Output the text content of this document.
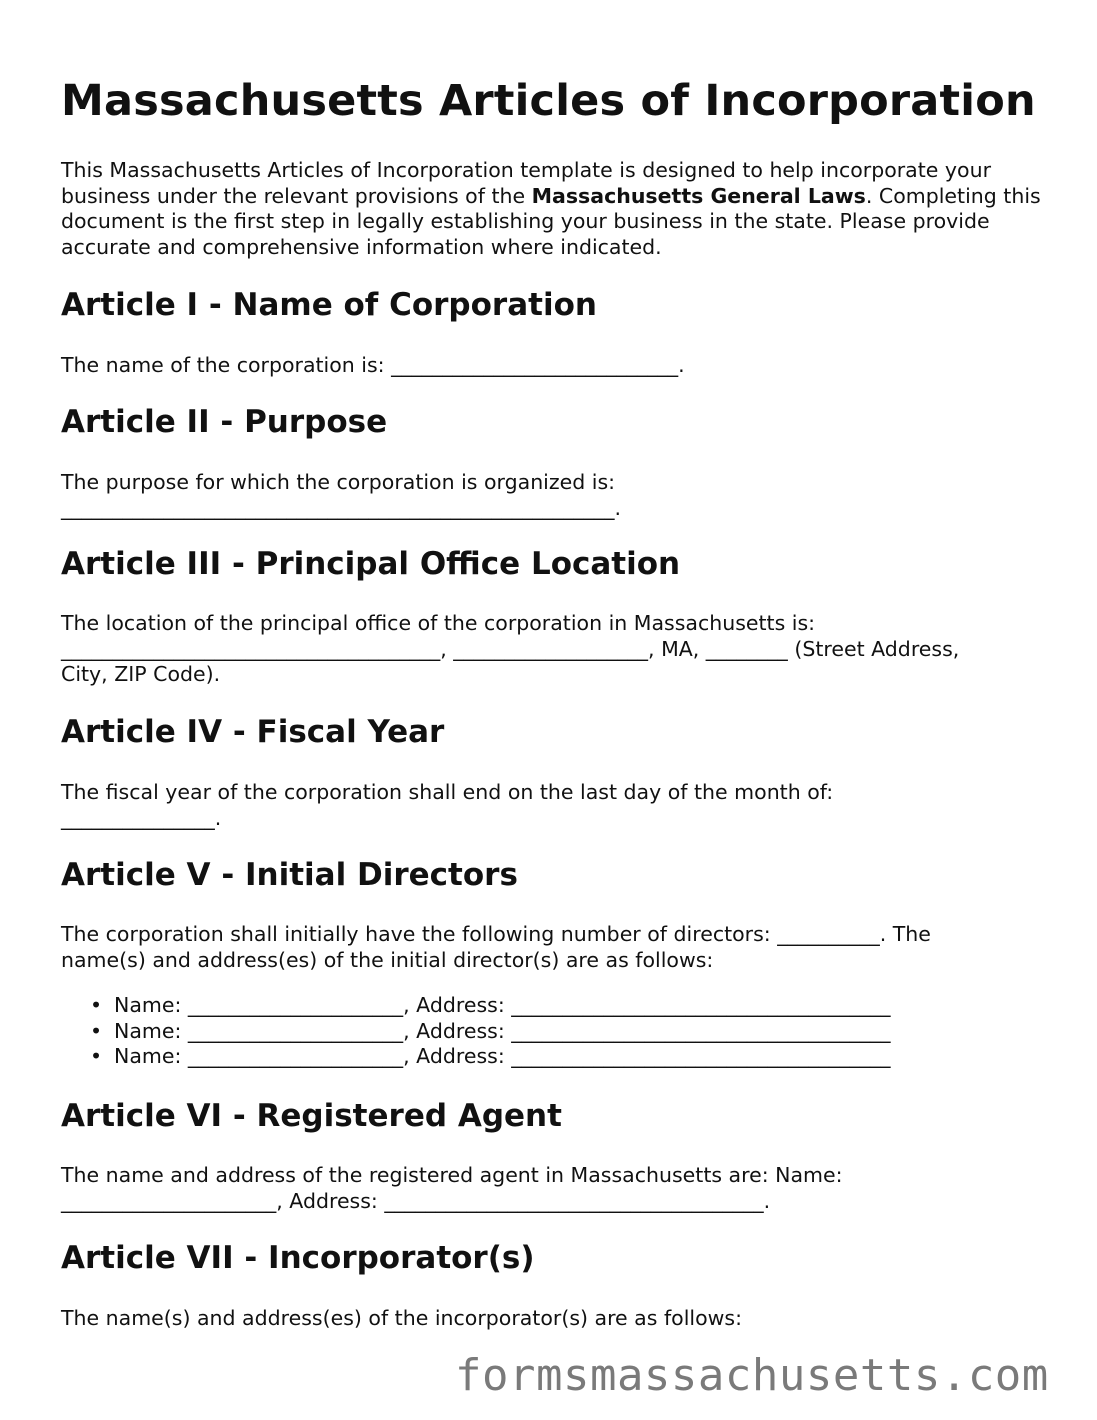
Massachusetts Articles of Incorporation

This Massachusetts Articles of Incorporation template is designed to help incorporate your business under the relevant provisions of the Massachusetts General Laws. Completing this document is the first step in legally establishing your business in the state. Please provide accurate and comprehensive information where indicated.

Article I - Name of Corporation

The name of the corporation is: ____________________________.

Article II - Purpose

The purpose for which the corporation is organized is: ______________________________________________________.

Article III - Principal Office Location

The location of the principal office of the corporation in Massachusetts is: _____________________________________, ___________________, MA, ________ (Street Address, City, ZIP Code).

Article IV - Fiscal Year

The fiscal year of the corporation shall end on the last day of the month of: _______________.

Article V - Initial Directors

The corporation shall initially have the following number of directors: __________. The name(s) and address(es) of the initial director(s) are as follows:

• Name: _____________________, Address: _____________________________________
• Name: _____________________, Address: _____________________________________
• Name: _____________________, Address: _____________________________________
Article VI - Registered Agent

The name and address of the registered agent in Massachusetts are: Name: _____________________, Address: _____________________________________.

Article VII - Incorporator(s)

The name(s) and address(es) of the incorporator(s) are as follows:

formsmassachusetts.com
